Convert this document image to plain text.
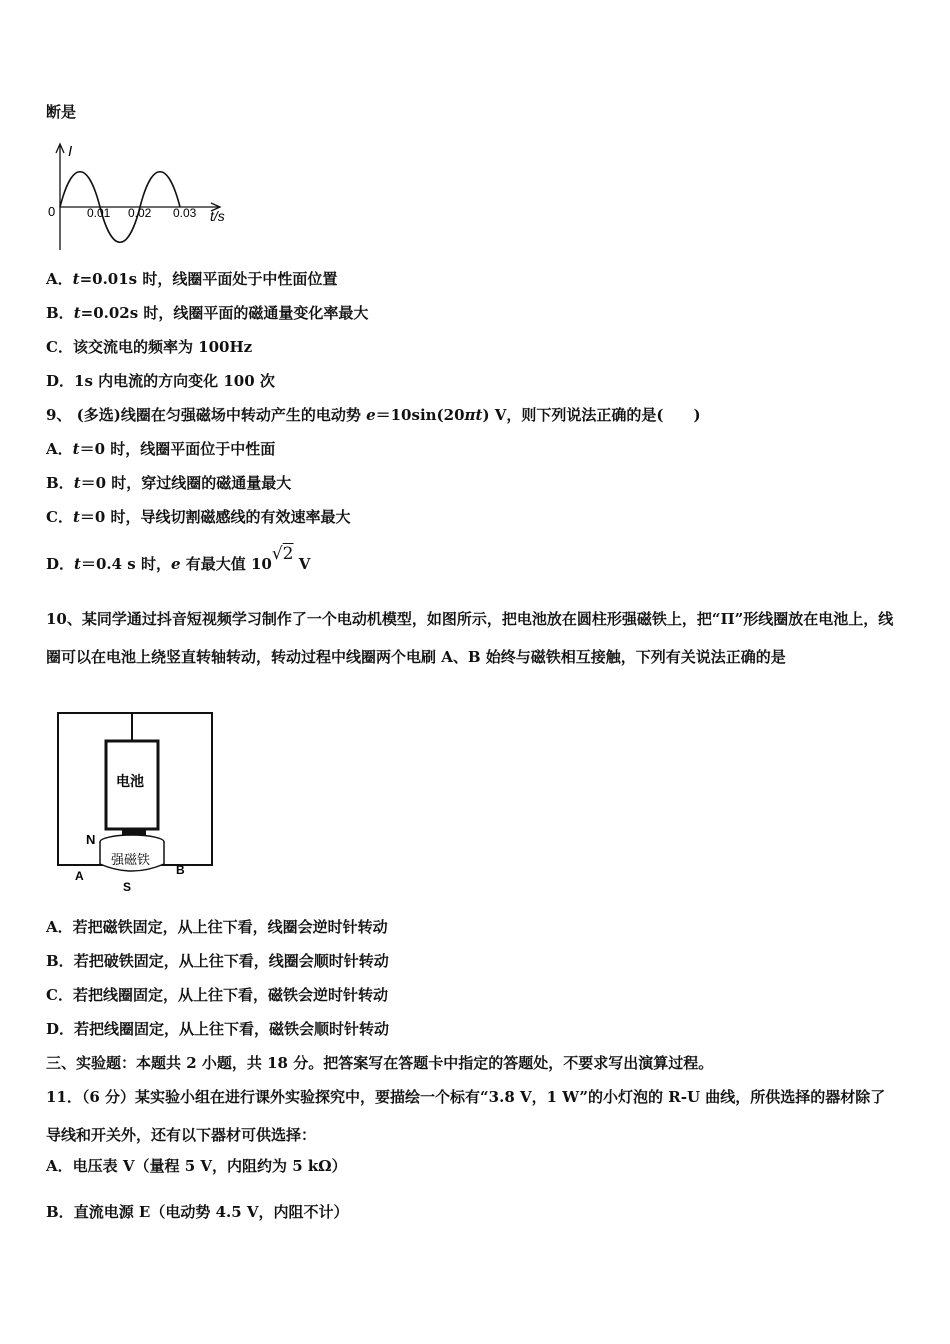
断是
I
0	0.01 0.02 0.03 t/s
A．t=0.01s 时，线圈平面处于中性面位置
B．t=0.02s 时，线圈平面的磁通量变化率最大
C．该交流电的频率为 100Hz
D．1s 内电流的方向变化 100 次
9、 (多选)线圈在匀强磁场中转动产生的电动势 e＝10sin(20πt) V，则下列说法正确的是(　　)
A．t＝0 时，线圈平面位于中性面
B．t＝0 时，穿过线圈的磁通量最大
C．t＝0 时，导线切割磁感线的有效速率最大
D．t＝0.4 s 时，e 有最大值 10√2 V
10、某同学通过抖音短视频学习制作了一个电动机模型，如图所示，把电池放在圆柱形强磁铁上，把“Π”形线圈放在电池上，线圈可以在电池上绕竖直转轴转动，转动过程中线圈两个电刷 A、B 始终与磁铁相互接触，下列有关说法正确的是
电池
强磁铁
N
S
A	B
A．若把磁铁固定，从上往下看，线圈会逆时针转动
B．若把破铁固定，从上往下看，线圈会顺时针转动
C．若把线圈固定，从上往下看，磁铁会逆时针转动
D．若把线圈固定，从上往下看，磁铁会顺时针转动
三、实验题：本题共 2 小题，共 18 分。把答案写在答题卡中指定的答题处，不要求写出演算过程。
11．（6 分）某实验小组在进行课外实验探究中，要描绘一个标有“3.8 V，1 W”的小灯泡的 R-U 曲线，所供选择的器材除了导线和开关外，还有以下器材可供选择：
A．电压表 V（量程 5 V，内阻约为 5 kΩ）
B．直流电源 E（电动势 4.5 V，内阻不计）
